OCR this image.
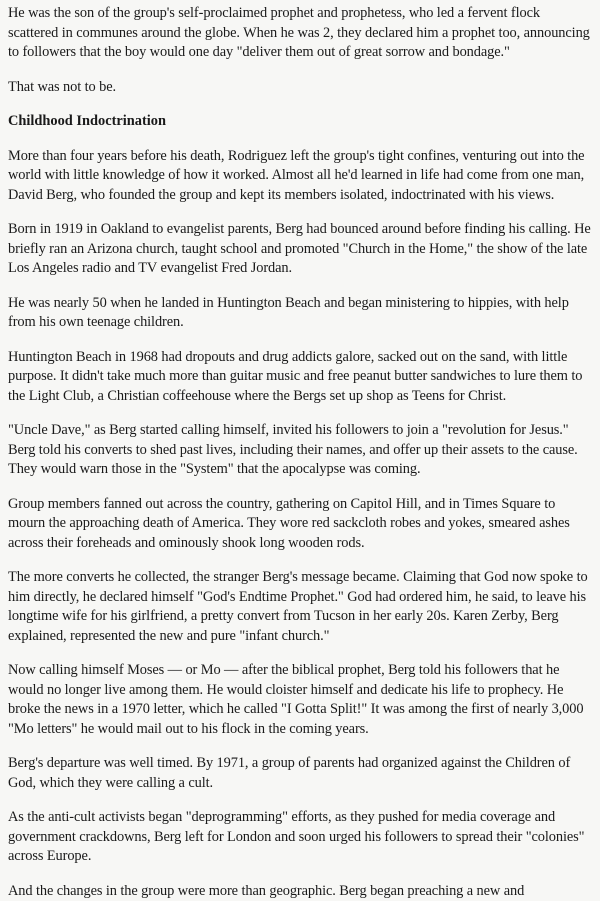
He was the son of the group's self-proclaimed prophet and prophetess, who led a fervent flock scattered in communes around the globe. When he was 2, they declared him a prophet too, announcing to followers that the boy would one day "deliver them out of great sorrow and bondage."

That was not to be.

Childhood Indoctrination

More than four years before his death, Rodriguez left the group's tight confines, venturing out into the world with little knowledge of how it worked. Almost all he'd learned in life had come from one man, David Berg, who founded the group and kept its members isolated, indoctrinated with his views.

Born in 1919 in Oakland to evangelist parents, Berg had bounced around before finding his calling. He briefly ran an Arizona church, taught school and promoted "Church in the Home," the show of the late Los Angeles radio and TV evangelist Fred Jordan.

He was nearly 50 when he landed in Huntington Beach and began ministering to hippies, with help from his own teenage children.

Huntington Beach in 1968 had dropouts and drug addicts galore, sacked out on the sand, with little purpose. It didn't take much more than guitar music and free peanut butter sandwiches to lure them to the Light Club, a Christian coffeehouse where the Bergs set up shop as Teens for Christ.

"Uncle Dave," as Berg started calling himself, invited his followers to join a "revolution for Jesus." Berg told his converts to shed past lives, including their names, and offer up their assets to the cause. They would warn those in the "System" that the apocalypse was coming.

Group members fanned out across the country, gathering on Capitol Hill, and in Times Square to mourn the approaching death of America. They wore red sackcloth robes and yokes, smeared ashes across their foreheads and ominously shook long wooden rods.

The more converts he collected, the stranger Berg's message became. Claiming that God now spoke to him directly, he declared himself "God's Endtime Prophet." God had ordered him, he said, to leave his longtime wife for his girlfriend, a pretty convert from Tucson in her early 20s. Karen Zerby, Berg explained, represented the new and pure "infant church."

Now calling himself Moses — or Mo — after the biblical prophet, Berg told his followers that he would no longer live among them. He would cloister himself and dedicate his life to prophecy. He broke the news in a 1970 letter, which he called "I Gotta Split!" It was among the first of nearly 3,000 "Mo letters" he would mail out to his flock in the coming years.

Berg's departure was well timed. By 1971, a group of parents had organized against the Children of God, which they were calling a cult.

As the anti-cult activists began "deprogramming" efforts, as they pushed for media coverage and government crackdowns, Berg left for London and soon urged his followers to spread their "colonies" across Europe.

And the changes in the group were more than geographic. Berg began preaching a new and
